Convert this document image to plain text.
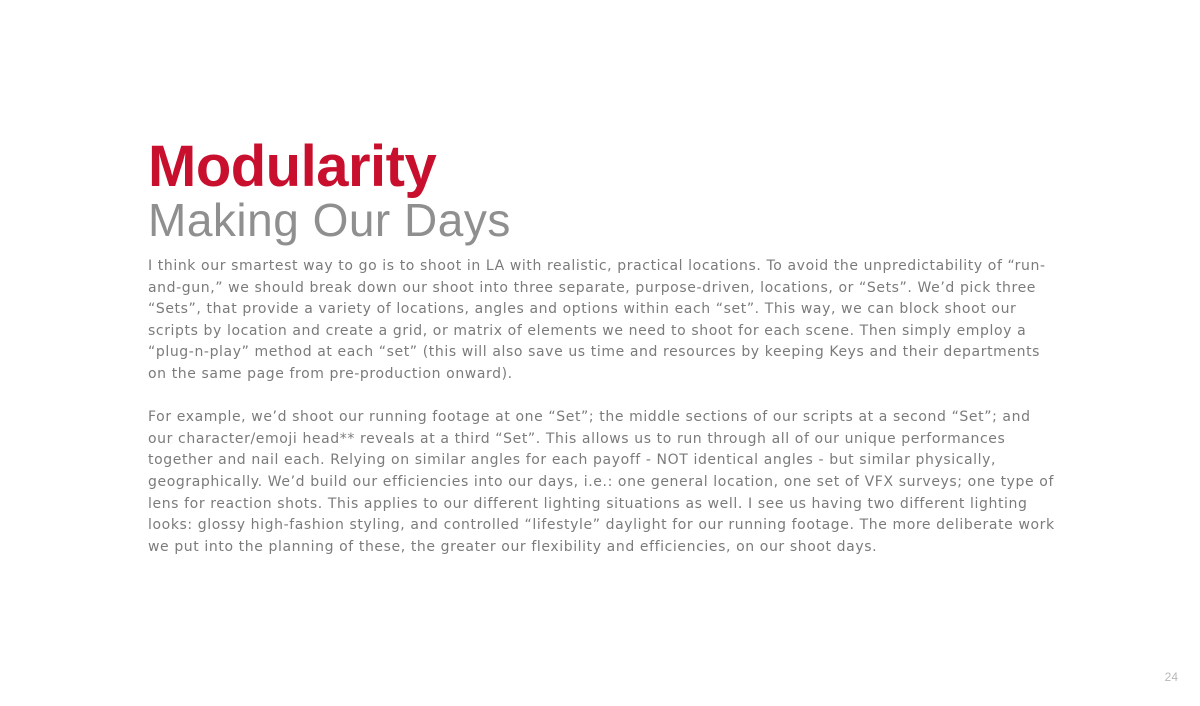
Modularity
Making Our Days

I think our smartest way to go is to shoot in LA with realistic, practical locations. To avoid the unpredictability of “run-and-gun,” we should break down our shoot into three separate, purpose-driven, locations, or “Sets”. We’d pick three “Sets”, that provide a variety of locations, angles and options within each “set”. This way, we can block shoot our scripts by location and create a grid, or matrix of elements we need to shoot for each scene. Then simply employ a “plug-n-play” method at each “set” (this will also save us time and resources by keeping Keys and their departments on the same page from pre-production onward).

For example, we’d shoot our running footage at one “Set”; the middle sections of our scripts at a second “Set”; and our character/emoji head** reveals at a third “Set”. This allows us to run through all of our unique performances together and nail each. Relying on similar angles for each payoff - NOT identical angles - but similar physically, geographically. We’d build our efficiencies into our days, i.e.: one general location, one set of VFX surveys; one type of lens for reaction shots. This applies to our different lighting situations as well. I see us having two different lighting looks: glossy high-fashion styling, and controlled “lifestyle” daylight for our running footage. The more deliberate work we put into the planning of these, the greater our flexibility and efficiencies, on our shoot days.

24
